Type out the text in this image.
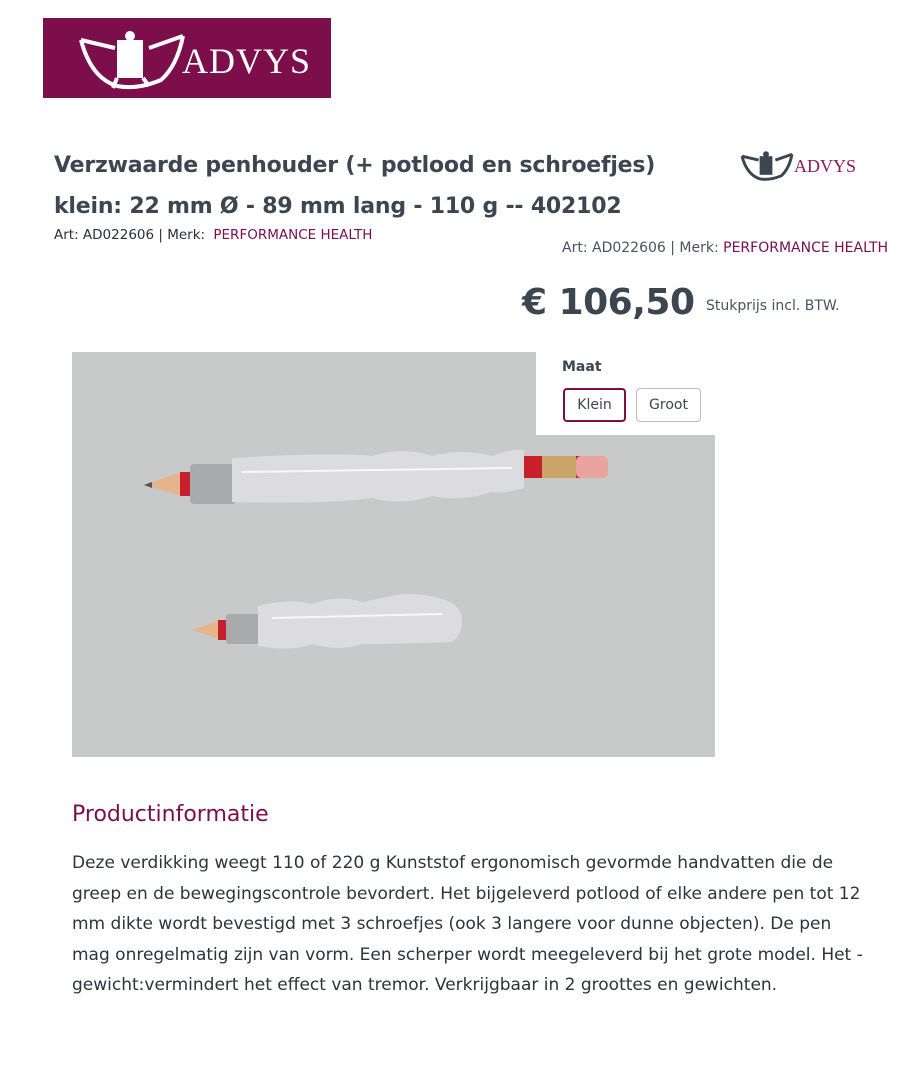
ADVYS
Verzwaarde penhouder (+ potlood en schroefjes)
klein: 22 mm Ø - 89 mm lang - 110 g -- 402102
Art: AD022606 | Merk: PERFORMANCE HEALTH
ADVYS
Art: AD022606 | Merk: PERFORMANCE HEALTH
€ 106,50 Stukprijs incl. BTW.
Maat
Klein	Groot
Productinformatie
Deze verdikking weegt 110 of 220 g Kunststof ergonomisch gevormde handvatten die de greep en de bewegingscontrole bevordert. Het bijgeleverd potlood of elke andere pen tot 12 mm dikte wordt bevestigd met 3 schroefjes (ook 3 langere voor dunne objecten). De pen mag onregelmatig zijn van vorm. Een scherper wordt meegeleverd bij het grote model. Het - gewicht:vermindert het effect van tremor. Verkrijgbaar in 2 groottes en gewichten.
